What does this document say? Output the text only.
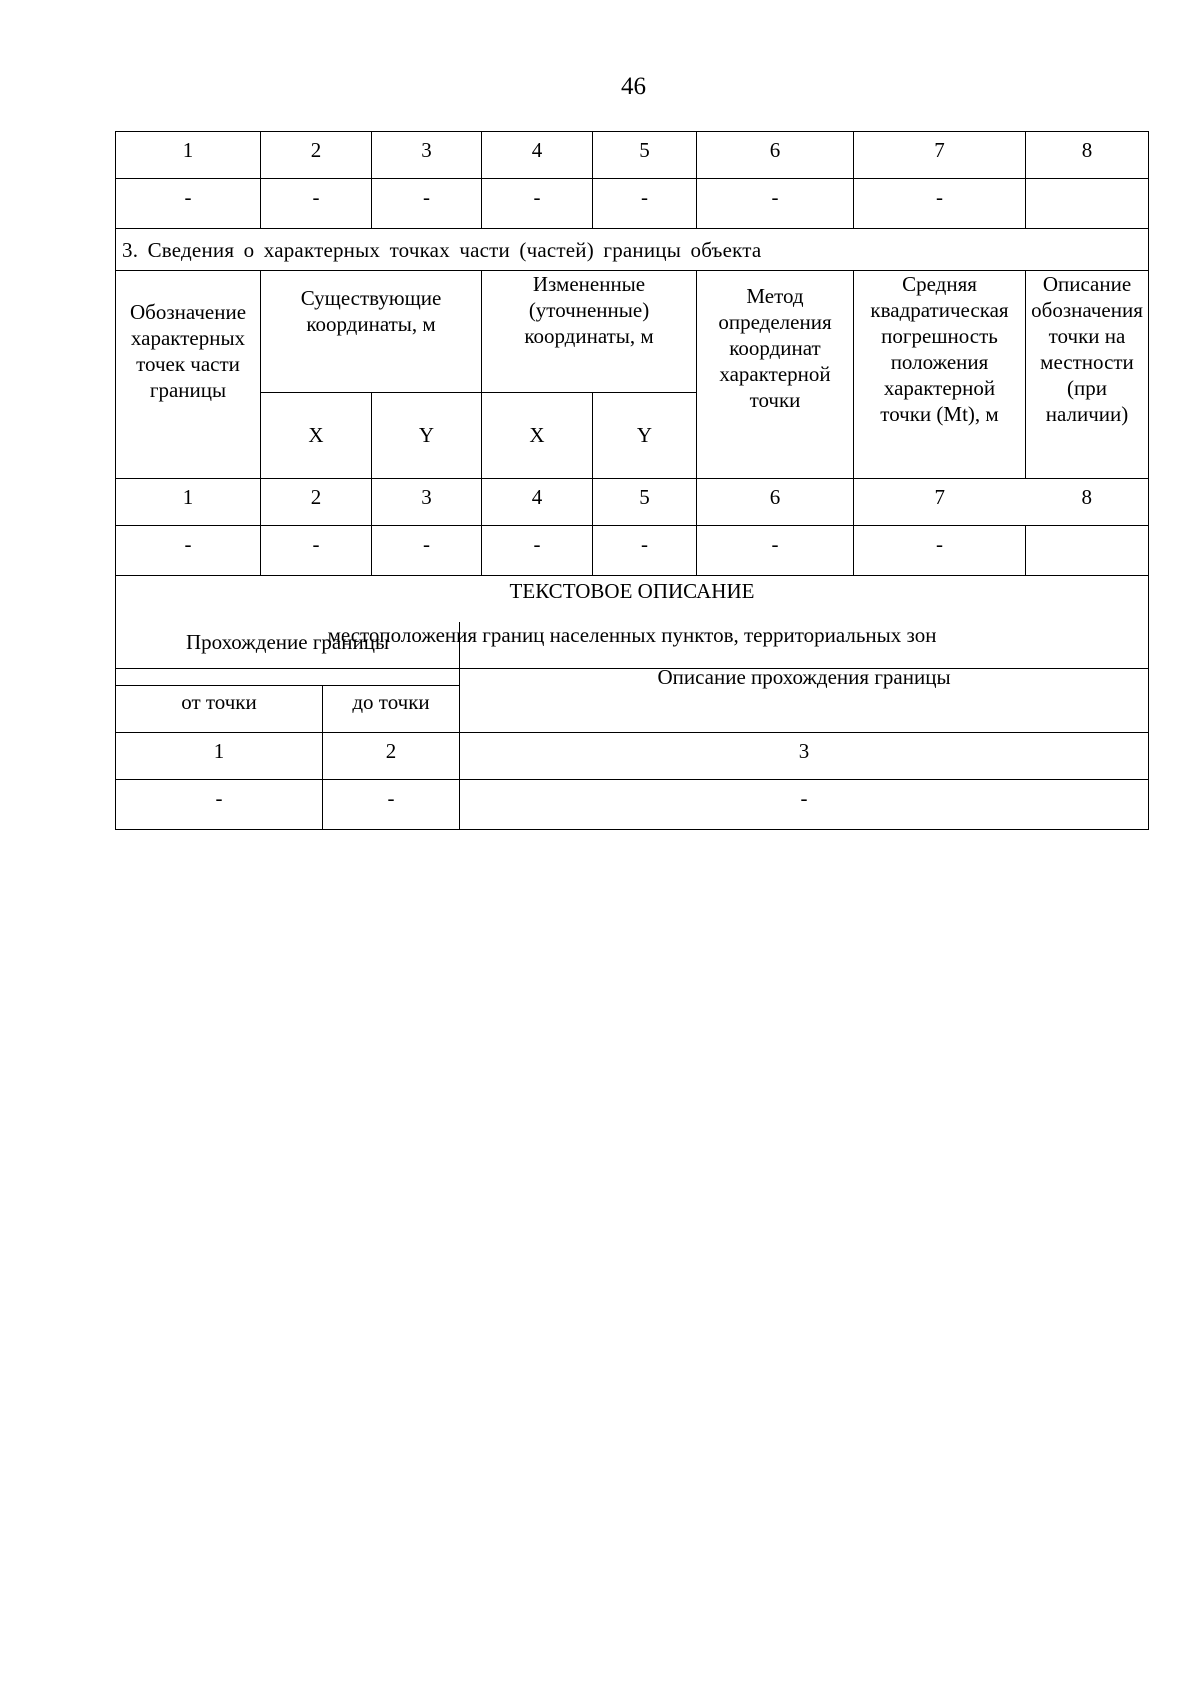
46
1	2	3	4	5	6	7	8
-	-	-	-	-	-	-	
3. Сведения о характерных точках части (частей) границы объекта							
Обозначение характерных точек части границы	Существующие координаты, м		Измененные (уточненные) координаты, м		Метод определения координат характерной точки	Средняя квадратическая погрешность положения характерной точки (Mt), м	Описание обозначения точки на местности (при наличии)
	X	Y	X	Y			
1	2	3	4	5	6	7	8
-	-	-	-	-	-	-	

ТЕКСТОВОЕ ОПИСАНИЕ
местоположения границ населенных пунктов, территориальных зон							
Прохождение границы		Описание прохождения границы
от точки	до точки	
1	2	3
-	-	-
